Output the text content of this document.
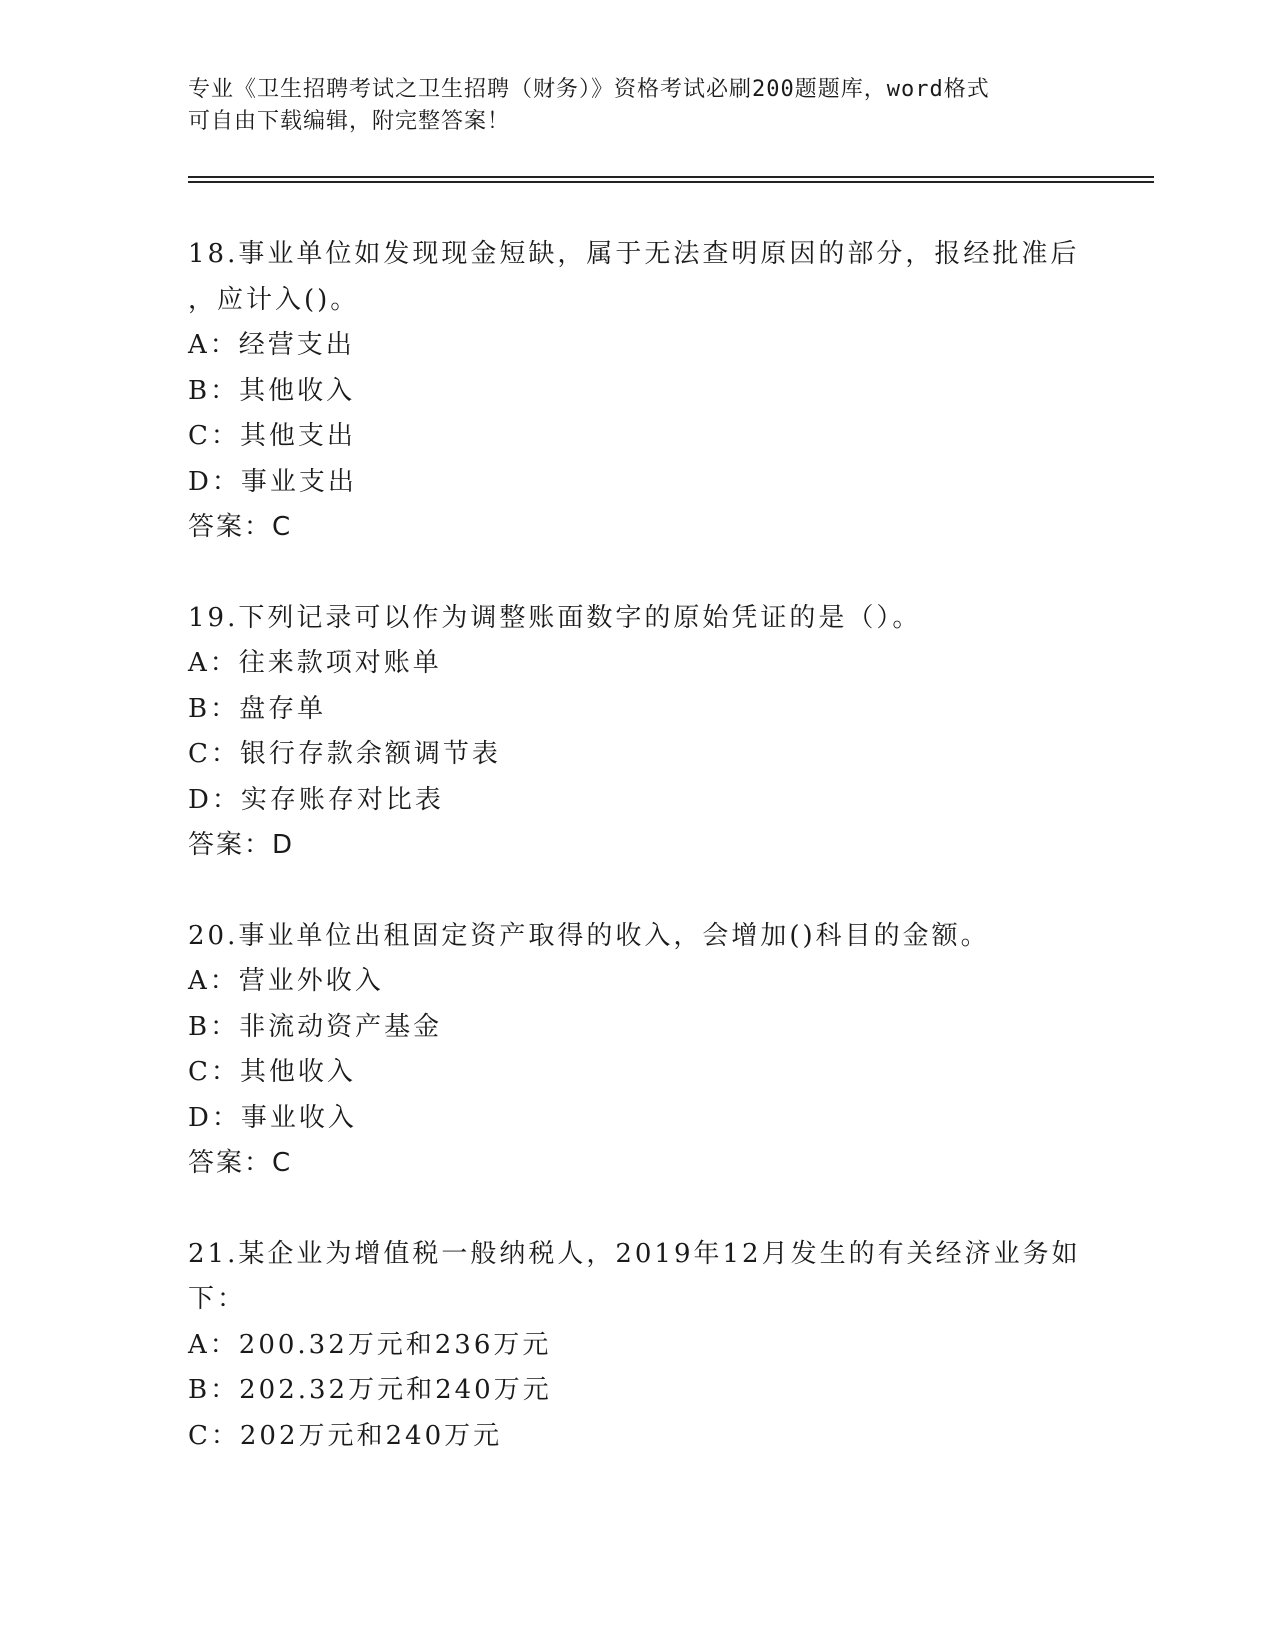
专业《卫生招聘考试之卫生招聘（财务）》资格考试必刷200题题库，word格式
可自由下载编辑，附完整答案！
18.事业单位如发现现金短缺，属于无法查明原因的部分，报经批准后
，应计入()。
A：经营支出
B：其他收入
C：其他支出
D：事业支出
答案：C
19.下列记录可以作为调整账面数字的原始凭证的是（）。
A：往来款项对账单
B：盘存单
C：银行存款余额调节表
D：实存账存对比表
答案：D
20.事业单位出租固定资产取得的收入，会增加()科目的金额。
A：营业外收入
B：非流动资产基金
C：其他收入
D：事业收入
答案：C
21.某企业为增值税一般纳税人，2019年12月发生的有关经济业务如
下：
A：200.32万元和236万元
B：202.32万元和240万元
C：202万元和240万元
